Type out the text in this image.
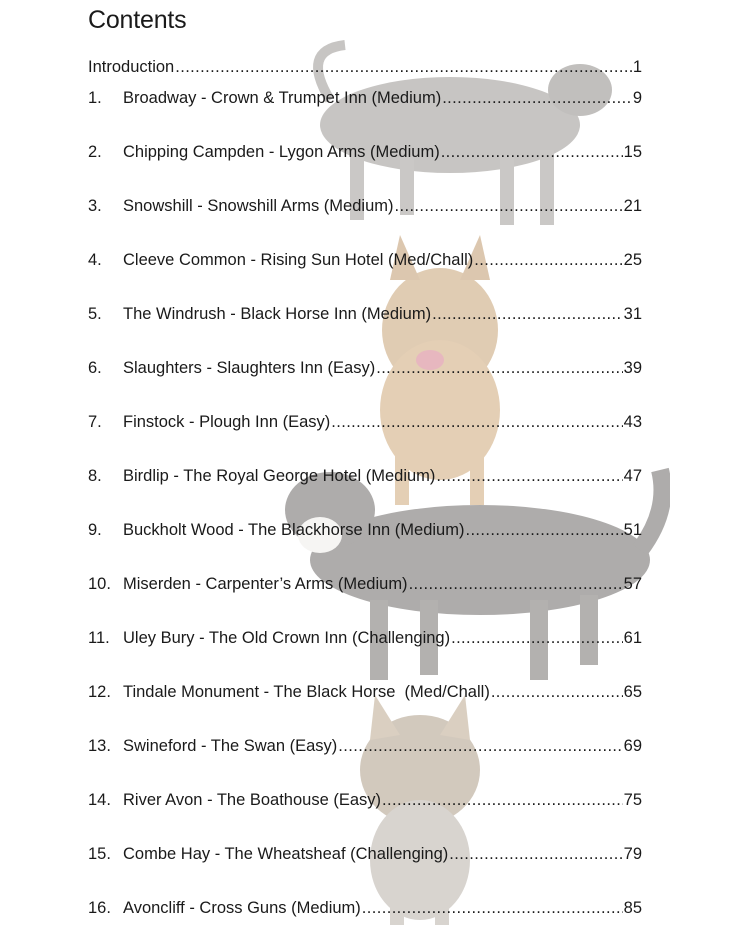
Contents
Introduction .....	1
1.	Broadway - Crown & Trumpet Inn (Medium) .....	9
2.	Chipping Campden - Lygon Arms (Medium) .....	15
3.	Snowshill - Snowshill Arms (Medium) .....	21
4.	Cleeve Common - Rising Sun Hotel (Med/Chall) .....	25
5.	The Windrush - Black Horse Inn (Medium) .....	31
6.	Slaughters - Slaughters Inn (Easy) .....	39
7.	Finstock - Plough Inn (Easy) .....	43
8.	Birdlip - The Royal George Hotel (Medium) .....	47
9.	Buckholt Wood - The Blackhorse Inn (Medium) .....	51
10. Miserden - Carpenter’s Arms (Medium) .....	57
11. Uley Bury - The Old Crown Inn (Challenging) .....	61
12. Tindale Monument - The Black Horse  (Med/Chall) .....	65
13. Swineford - The Swan (Easy) .....	69
14. River Avon - The Boathouse (Easy) .....	75
15. Combe Hay - The Wheatsheaf (Challenging) .....	79
16. Avoncliff - Cross Guns (Medium) .....	85
